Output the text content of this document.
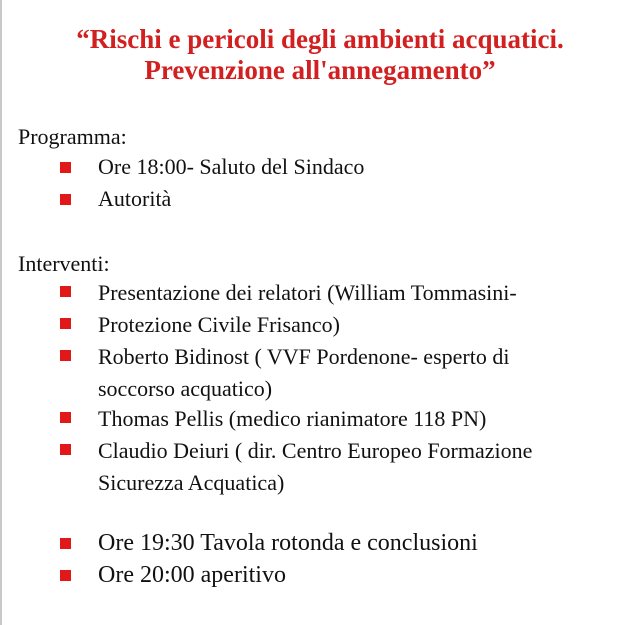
“Rischi e pericoli degli ambienti acquatici.
Prevenzione all'annegamento”
Programma:
Ore 18:00- Saluto del Sindaco
Autorità
Interventi:
Presentazione dei relatori (William Tommasini-
Protezione Civile Frisanco)
Roberto Bidinost ( VVF Pordenone- esperto di
soccorso acquatico)
Thomas Pellis (medico rianimatore 118 PN)
Claudio Deiuri ( dir. Centro Europeo Formazione
Sicurezza Acquatica)
Ore 19:30 Tavola rotonda e conclusioni
Ore 20:00 aperitivo
